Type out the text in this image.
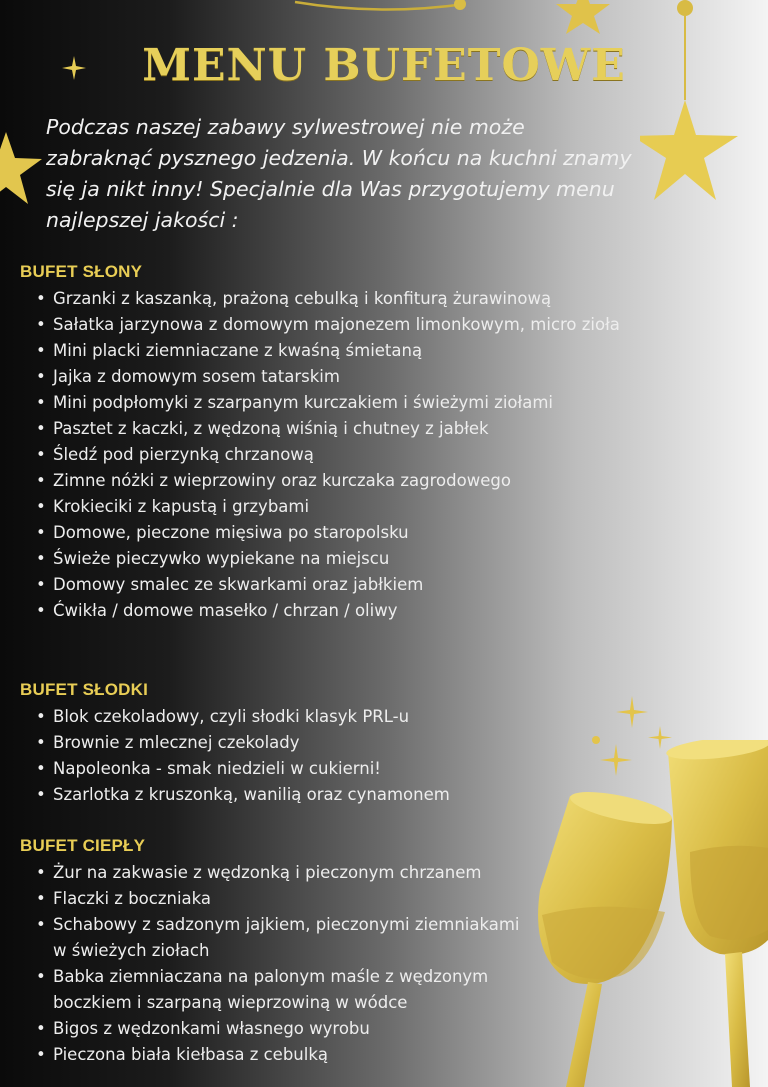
MENU BUFETOWE

Podczas naszej zabawy sylwestrowej nie może zabraknąć pysznego jedzenia. W końcu na kuchni znamy się ja nikt inny! Specjalnie dla Was przygotujemy menu najlepszej jakości :

BUFET SŁONY
• Grzanki z kaszanką, prażoną cebulką i konfiturą żurawinową
• Sałatka jarzynowa z domowym majonezem limonkowym, micro zioła
• Mini placki ziemniaczane z kwaśną śmietaną
• Jajka z domowym sosem tatarskim
• Mini podpłomyki z szarpanym kurczakiem i świeżymi ziołami
• Pasztet z kaczki, z wędzoną wiśnią i chutney z jabłek
• Śledź pod pierzynką chrzanową
• Zimne nóżki z wieprzowiny oraz kurczaka zagrodowego
• Krokieciki z kapustą i grzybami
• Domowe, pieczone mięsiwa po staropolsku
• Świeże pieczywko wypiekane na miejscu
• Domowy smalec ze skwarkami oraz jabłkiem
• Ćwikła / domowe masełko / chrzan / oliwy
BUFET SŁODKI
• Blok czekoladowy, czyli słodki klasyk PRL-u
• Brownie z mlecznej czekolady
• Napoleonka - smak niedzieli w cukierni!
• Szarlotka z kruszonką, wanilią oraz cynamonem
BUFET CIEPŁY
• Żur na zakwasie z wędzonką i pieczonym chrzanem
• Flaczki z boczniaka
• Schabowy z sadzonym jajkiem, pieczonymi ziemniakami w świeżych ziołach
• Babka ziemniaczana na palonym maśle z wędzonym boczkiem i szarpaną wieprzowiną w wódce
• Bigos z wędzonkami własnego wyrobu
• Pieczona biała kiełbasa z cebulką
